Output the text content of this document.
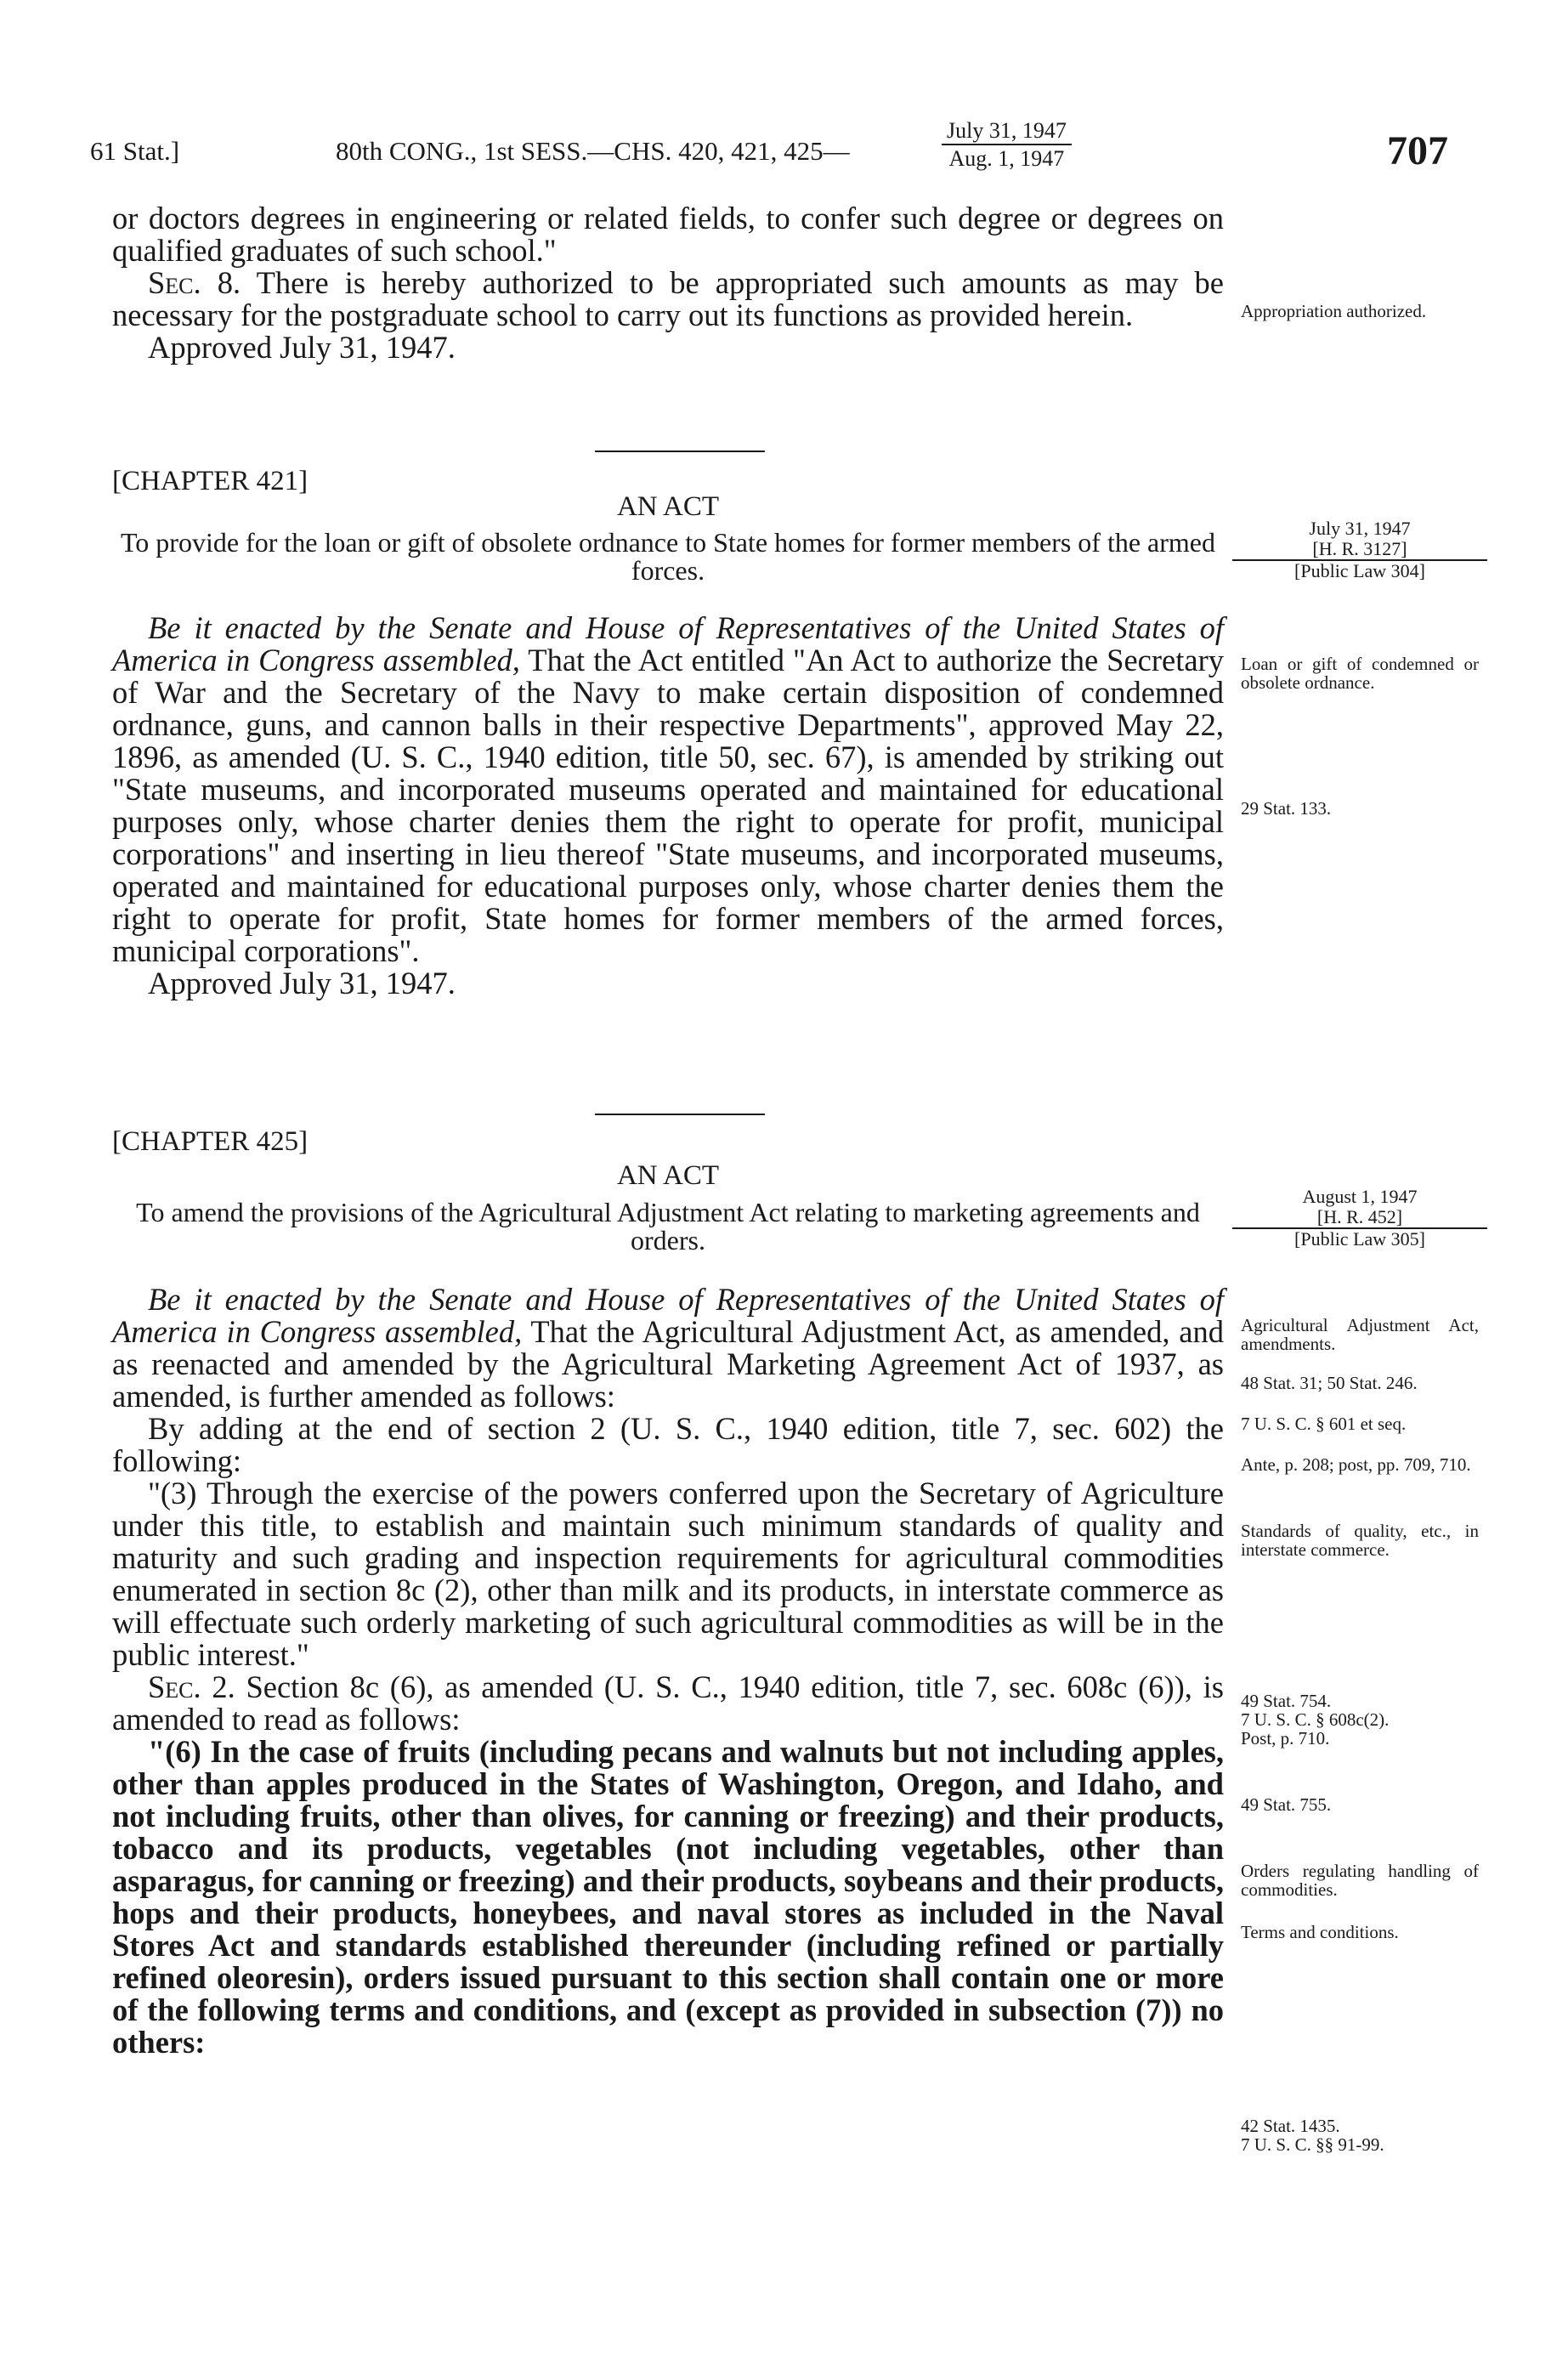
61 Stat.]	80th CONG., 1st SESS.—CHS. 420, 421, 425—
July 31, 1947
Aug. 1, 1947	707

or doctors degrees in engineering or related fields, to confer such degree or degrees on qualified graduates of such school."

Sec. 8. There is hereby authorized to be appropriated such amounts as may be necessary for the postgraduate school to carry out its functions as provided herein.

Approved July 31, 1947.

Appropriation authorized.
[CHAPTER 421]
AN ACT
To provide for the loan or gift of obsolete ordnance to State homes for former members of the armed forces.
July 31, 1947
[H. R. 3127]
[Public Law 304]

Be it enacted by the Senate and House of Representatives of the United States of America in Congress assembled, That the Act entitled "An Act to authorize the Secretary of War and the Secretary of the Navy to make certain disposition of condemned ordnance, guns, and cannon balls in their respective Departments", approved May 22, 1896, as amended (U. S. C., 1940 edition, title 50, sec. 67), is amended by striking out "State museums, and incorporated museums operated and maintained for educational purposes only, whose charter denies them the right to operate for profit, municipal corporations" and inserting in lieu thereof "State museums, and incorporated museums, operated and maintained for educational purposes only, whose charter denies them the right to operate for profit, State homes for former members of the armed forces, municipal corporations".

Approved July 31, 1947.

Loan or gift of condemned or obsolete ordnance.
29 Stat. 133.
[CHAPTER 425]
AN ACT
To amend the provisions of the Agricultural Adjustment Act relating to marketing agreements and orders.
August 1, 1947
[H. R. 452]
[Public Law 305]

Be it enacted by the Senate and House of Representatives of the United States of America in Congress assembled, That the Agricultural Adjustment Act, as amended, and as reenacted and amended by the Agricultural Marketing Agreement Act of 1937, as amended, is further amended as follows:

By adding at the end of section 2 (U. S. C., 1940 edition, title 7, sec. 602) the following:

"(3) Through the exercise of the powers conferred upon the Secretary of Agriculture under this title, to establish and maintain such minimum standards of quality and maturity and such grading and inspection requirements for agricultural commodities enumerated in section 8c (2), other than milk and its products, in interstate commerce as will effectuate such orderly marketing of such agricultural commodities as will be in the public interest."

Sec. 2. Section 8c (6), as amended (U. S. C., 1940 edition, title 7, sec. 608c (6)), is amended to read as follows:

"(6) In the case of fruits (including pecans and walnuts but not including apples, other than apples produced in the States of Washington, Oregon, and Idaho, and not including fruits, other than olives, for canning or freezing) and their products, tobacco and its products, vegetables (not including vegetables, other than asparagus, for canning or freezing) and their products, soybeans and their products, hops and their products, honeybees, and naval stores as included in the Naval Stores Act and standards established thereunder (including refined or partially refined oleoresin), orders issued pursuant to this section shall contain one or more of the following terms and conditions, and (except as provided in subsection (7)) no others:

Agricultural Adjustment Act, amendments.
48 Stat. 31; 50 Stat. 246.
7 U. S. C. § 601 et seq.
Ante, p. 208; post, pp. 709, 710.
Standards of quality, etc., in interstate commerce.
49 Stat. 754.
7 U. S. C. § 608c(2).
Post, p. 710.
49 Stat. 755.
Orders regulating handling of commodities.
Terms and conditions.
42 Stat. 1435.
7 U. S. C. §§ 91-99.
